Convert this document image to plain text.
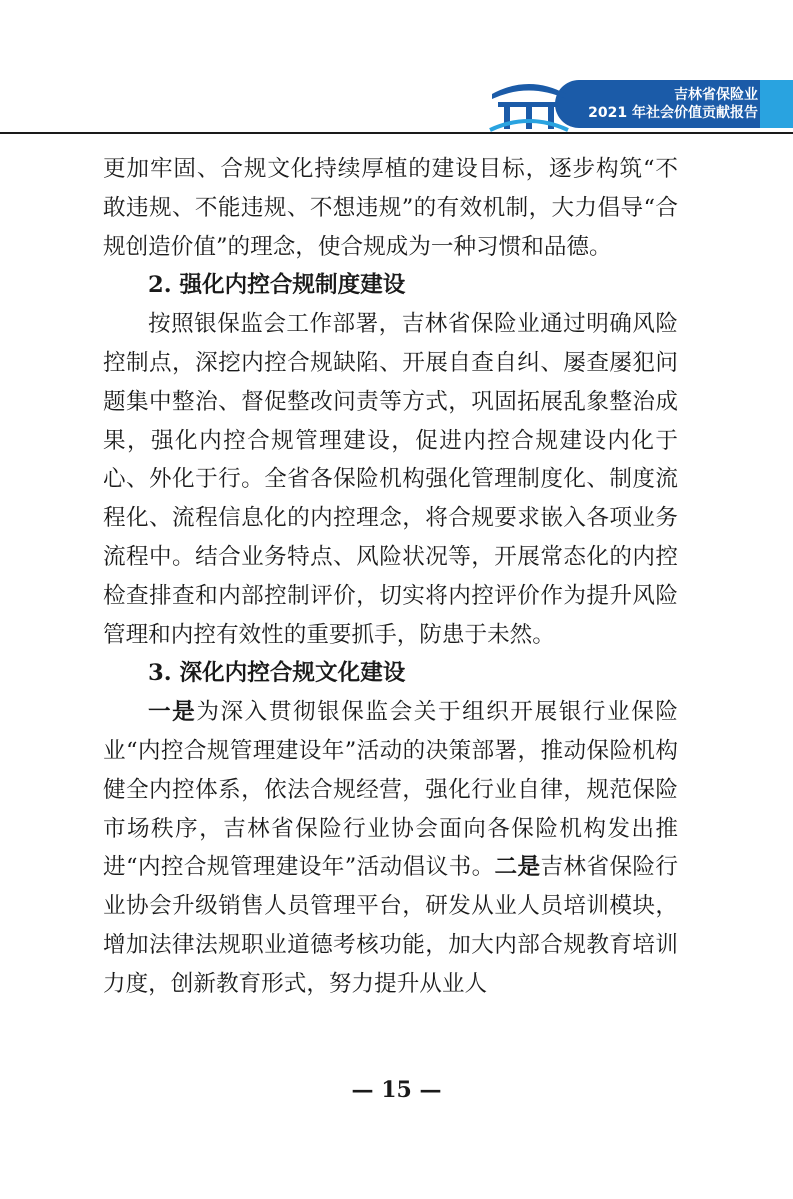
吉林省保险业
2021 年社会价值贡献报告

更加牢固、合规文化持续厚植的建设目标，逐步构筑“不敢违规、不能违规、不想违规”的有效机制，大力倡导“合规创造价值”的理念，使合规成为一种习惯和品德。

2. 强化内控合规制度建设

按照银保监会工作部署，吉林省保险业通过明确风险控制点，深挖内控合规缺陷、开展自查自纠、屡查屡犯问题集中整治、督促整改问责等方式，巩固拓展乱象整治成果，强化内控合规管理建设，促进内控合规建设内化于心、外化于行。全省各保险机构强化管理制度化、制度流程化、流程信息化的内控理念，将合规要求嵌入各项业务流程中。结合业务特点、风险状况等，开展常态化的内控检查排查和内部控制评价，切实将内控评价作为提升风险管理和内控有效性的重要抓手，防患于未然。

3. 深化内控合规文化建设

一是为深入贯彻银保监会关于组织开展银行业保险业“内控合规管理建设年”活动的决策部署，推动保险机构健全内控体系，依法合规经营，强化行业自律，规范保险市场秩序，吉林省保险行业协会面向各保险机构发出推进“内控合规管理建设年”活动倡议书。二是吉林省保险行业协会升级销售人员管理平台，研发从业人员培训模块，增加法律法规职业道德考核功能，加大内部合规教育培训力度，创新教育形式，努力提升从业人

— 15 —
